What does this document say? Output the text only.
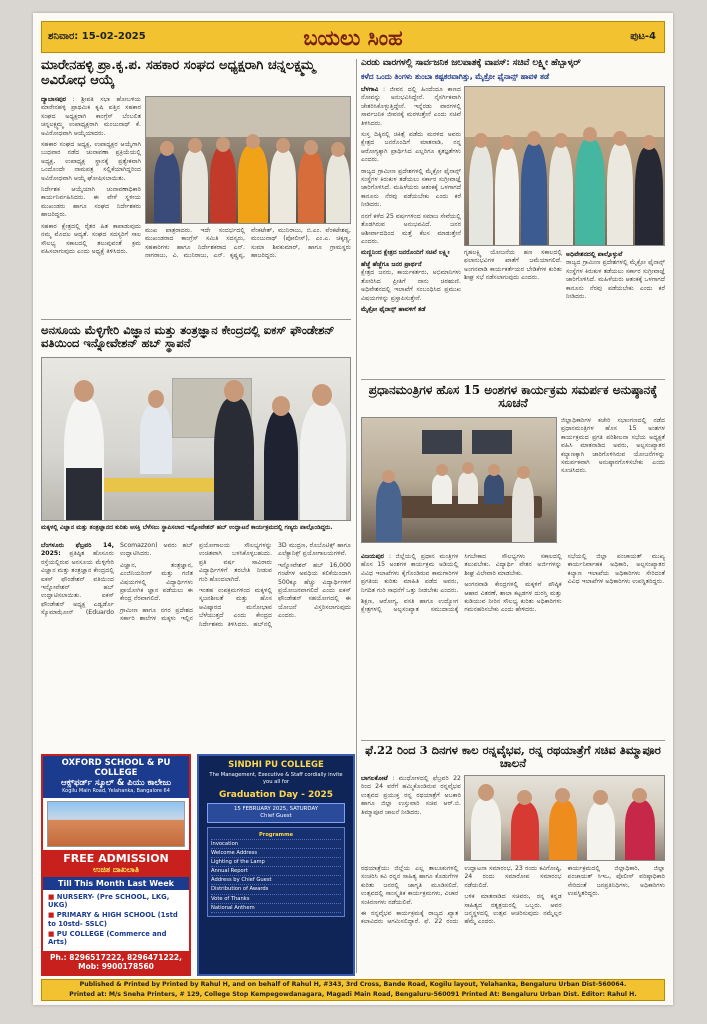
ಶನಿವಾರ: 15-02-2025	ಬಯಲು ಸಿಂಹ	ಪುಟ-4
ಮಾರೇನಹಳ್ಳಿ ಪ್ರಾ.ಕೃ.ಪ. ಸಹಕಾರ ಸಂಘದ ಅಧ್ಯಕ್ಷರಾಗಿ ಚನ್ನಲಕ್ಷ್ಮಮ್ಮ ಅವಿರೋಧ ಆಯ್ಕೆ

ದ್ಯಾಬಾಸಪುರ : ಶ್ರೀಪತಿ ಸಭಾ ಹೋಬಳಿಯ ಮಾರೇನಹಳ್ಳಿ ಪ್ರಾಥಮಿಕ ಕೃಷಿ ಪತ್ತಿನ ಸಹಕಾರ ಸಂಘದ ಅಧ್ಯಕ್ಷರಾಗಿ ಕಾಂಗ್ರೆಸ್ ಬೆಂಬಲಿತ ಚನ್ನಲಕ್ಷ್ಮಮ್ಮ ಉಪಾಧ್ಯಕ್ಷರಾಗಿ ಮಂಜುನಾಥ್ ಕೆ. ಅವಿರೋಧವಾಗಿ ಆಯ್ಕೆಯಾದರು.

ಸಹಕಾರ ಸಂಘದ ಅಧ್ಯಕ್ಷ, ಉಪಾಧ್ಯಕ್ಷರ ಆಯ್ಕೆಗಾಗಿ ಬುಧವಾರ ನಡೆದ ಚುನಾವಣಾ ಪ್ರಕ್ರಿಯೆಯಲ್ಲಿ ಅಧ್ಯಕ್ಷ, ಉಪಾಧ್ಯಕ್ಷ ಸ್ಥಾನಕ್ಕೆ ಪ್ರತ್ಯೇಕವಾಗಿ ಒಂದೊಂದೇ ನಾಮಪತ್ರ ಸಲ್ಲಿಕೆಯಾಗಿದ್ದರಿಂದ ಅವಿರೋಧವಾಗಿ ಆಯ್ಕೆ ಘೋಷಿಸಲಾಯಿತು.

ನಿರ್ದೇಶಕ ಆಯ್ಕೆಯಾಗಿ ಚುನಾವಣಾಧಿಕಾರಿ ಕಾರ್ಯನಿರ್ವಹಿಸಿದರು. ಈ ವೇಳೆ ಸ್ಥಳೀಯ ಮುಖಂಡರು ಹಾಗೂ ಸಂಘದ ನಿರ್ದೇಶಕರು ಹಾಜರಿದ್ದರು.

ಸಹಕಾರ ಕ್ಷೇತ್ರದಲ್ಲಿ ರೈತರ ಹಿತ ಕಾಪಾಡುವುದು ನಮ್ಮ ಮೊದಲ ಆದ್ಯತೆ. ಸಂಘದ ಸದಸ್ಯರಿಗೆ ಸಾಲ ಸೌಲಭ್ಯ ಸಕಾಲದಲ್ಲಿ ತಲುಪುವಂತೆ ಕ್ರಮ ವಹಿಸಲಾಗುವುದು ಎಂದು ಅಧ್ಯಕ್ಷೆ ತಿಳಿಸಿದರು.

ಮುಖ ಪಾತ್ರರಾದರು. ಇದೇ ಸಂದರ್ಭದಲ್ಲಿ ಮುಖಂಡರಾದ ಕಾಂಗ್ರೆಸ್ ಸಮಿತಿ ಸದಸ್ಯರು, ಸಹಕಾರಿಗಳು ಹಾಗೂ ನಿರ್ದೇಶಕರಾದ ಎನ್. ನಾಗರಾಜು, ವಿ. ಮುನಿರಾಜು, ಎನ್. ಕೃಷ್ಣಪ್ಪ, ವೆಂಕಟೇಶ್, ಮುನಿರಾಜು, ಬಿ.ಎಂ. ವೆಂಕಟೇಶಪ್ಪ, ಮಂಜುನಾಥ್ (ಪೋಲೀಸ್), ಎಂ.ಎ. ಚಿಕ್ಕಣ್ಣ, ಸುಮಾ ಶಿವಕುಮಾರ್, ಹಾಗೂ ಗ್ರಾಮಸ್ಥರು ಹಾಜರಿದ್ದರು.
ಅನಸೂಯ ಮೆಳ್ಳಿಗೇರಿ ವಿಜ್ಞಾನ ಮತ್ತು ತಂತ್ರಜ್ಞಾನ ಕೇಂದ್ರದಲ್ಲಿ ಐಕಸ್ ಫೌಂಡೇಶನ್ ವತಿಯಿಂದ ಇನ್ನೋವೇಶನ್ ಹಬ್ ಸ್ಥಾಪನೆ
ಮಕ್ಕಳಲ್ಲಿ ವಿಜ್ಞಾನ ಮತ್ತು ತಂತ್ರಜ್ಞಾನದ ಕುರಿತು ಆಸಕ್ತಿ ಬೆಳೆಸಲು ಸ್ಥಾಪಿಸಲಾದ ಇನ್ನೋವೇಶನ್ ಹಬ್ ಉದ್ಘಾಟನೆ ಕಾರ್ಯಕ್ರಮದಲ್ಲಿ ಗಣ್ಯರು ಪಾಲ್ಗೊಂಡಿದ್ದರು.

ಬೆಂಗಳೂರು ಫೆಬ್ರವರಿ 14, 2025: ಪ್ರತಿಷ್ಠಿತ ಹೊಸೂರು ರಸ್ತೆಯಲ್ಲಿರುವ ಅನಸೂಯ ಮೆಳ್ಳಿಗೇರಿ ವಿಜ್ಞಾನ ಮತ್ತು ತಂತ್ರಜ್ಞಾನ ಕೇಂದ್ರದಲ್ಲಿ ಐಕಸ್ ಫೌಂಡೇಶನ್ ವತಿಯಿಂದ ಇನ್ನೋವೇಶನ್ ಹಬ್ ಉದ್ಘಾಟಿಸಲಾಯಿತು. ಐಕಸ್ ಫೌಂಡೇಶನ್ ಅಧ್ಯಕ್ಷ ಎಡ್ವರ್ಡೊ ಸ್ಕೊಮಾಝೋನ್ (Eduardo Scomazzon) ಅವರು ಹಬ್‌ ಉದ್ಘಾಟಿಸಿದರು.

ವಿಜ್ಞಾನ, ತಂತ್ರಜ್ಞಾನ, ಎಂಜಿನಿಯರಿಂಗ್ ಮತ್ತು ಗಣಿತ ವಿಷಯಗಳಲ್ಲಿ ವಿದ್ಯಾರ್ಥಿಗಳು ಪ್ರಾಯೋಗಿಕ ಜ್ಞಾನ ಪಡೆಯಲು ಈ ಕೇಂದ್ರ ನೆರವಾಗಲಿದೆ.

ಗ್ರಾಮೀಣ ಹಾಗೂ ನಗರ ಪ್ರದೇಶದ ಸರ್ಕಾರಿ ಶಾಲೆಗಳ ಮಕ್ಕಳು ಇಲ್ಲಿನ ಪ್ರಯೋಗಾಲಯ ಸೌಲಭ್ಯಗಳನ್ನು ಉಚಿತವಾಗಿ ಬಳಸಿಕೊಳ್ಳಬಹುದು. ಪ್ರತಿ ವರ್ಷ ಸಾವಿರಾರು ವಿದ್ಯಾರ್ಥಿಗಳಿಗೆ ತರಬೇತಿ ನೀಡುವ ಗುರಿ ಹೊಂದಲಾಗಿದೆ.

ಇಂತಹ ಉಪಕ್ರಮಗಳಿಂದ ಮಕ್ಕಳಲ್ಲಿ ಸೃಜನಶೀಲತೆ ಮತ್ತು ಹೊಸ ಆವಿಷ್ಕಾರದ ಮನೋಭಾವ ಬೆಳೆಯುತ್ತದೆ ಎಂದು ಕೇಂದ್ರದ ನಿರ್ದೇಶಕರು ತಿಳಿಸಿದರು. ಹಬ್‌ನಲ್ಲಿ 3D ಮುದ್ರಣ, ರೊಬೊಟಿಕ್ಸ್ ಹಾಗೂ ಎಲೆಕ್ಟ್ರಾನಿಕ್ಸ್ ಪ್ರಯೋಗಾಲಯಗಳಿವೆ.

ಇನ್ನೋವೇಶನ್ ಹಬ್ 16,000 ಗಂಟೆಗಳ ಅವಧಿಯ ಕಲಿಕೆಯಿಂದಾಗಿ 500ಕ್ಕೂ ಹೆಚ್ಚು ವಿದ್ಯಾರ್ಥಿಗಳಿಗೆ ಪ್ರಯೋಜನವಾಗಲಿದೆ ಎಂದು ಐಕಸ್ ಫೌಂಡೇಶನ್ ಸಹಯೋಗದಲ್ಲಿ ಈ ಯೋಜನೆ ವಿಸ್ತರಿಸಲಾಗುವುದು ಎಂದರು.

OXFORD SCHOOL & PU COLLEGE
ಆಕ್ಸ್‌ಫರ್ಡ್ ಸ್ಕೂಲ್ & ಪಿಯು ಕಾಲೇಜು
Kogilu Main Road, Yelahanka, Bangalore 64
FREE ADMISSION
ಉಚಿತ ದಾಖಲಾತಿ
Till This Month Last Week
■ NURSERY- (Pre SCHOOL, LKG, UKG)
■ PRIMARY & HIGH SCHOOL (1std to 10std- SSLC)
■ PU COLLEGE (Commerce and Arts)
Ph.: 8296517222, 8296471222,
Mob: 9900178560
SINDHI PU COLLEGE
The Management, Executive & Staff cordially invite you all for
Graduation Day - 2025
15 FEBRUARY 2025, SATURDAY
Chief Guest
Programme
Invocation
Welcome Address
Lighting of the Lamp
Annual Report
Address by Chief Guest
Distribution of Awards
Vote of Thanks
National Anthem
ಎರಡು ವಾರಗಳಲ್ಲಿ ಸಾರ್ವಜನಿಕ ಜಲಪಾತಕ್ಕೆ ವಾಪಸ್: ಸಚಿವೆ ಲಕ್ಷ್ಮೀ ಹೆಬ್ಬಾಳ್ಕರ್
ಕಳೆದ ಒಂದು ತಿಂಗಳು ತುಂಬಾ ಕಷ್ಟಕರವಾಗಿತ್ತು, ಮೈಕ್ರೋ ಫೈನಾನ್ಸ್ ಹಾವಳಿ ತಡೆ

ಬೆಳಗಾವಿ : ಜೀವನ ದಲ್ಲಿ ಹಿಂದೆಂದೂ ಕಾಣದ ನೋವನ್ನು ಅನುಭವಿಸಿದ್ದೇನೆ. ನೈಸರ್ಗಿಕವಾಗಿ ಚೇತರಿಸಿಕೊಳ್ಳುತ್ತಿದ್ದೇನೆ. ಇನ್ನೆರಡು ವಾರಗಳಲ್ಲಿ ಸಾರ್ವಜನಿಕ ಜೀವನಕ್ಕೆ ಮರಳುತ್ತೇನೆ ಎಂದು ಸಚಿವೆ ತಿಳಿಸಿದರು.

ಸುಸ್ತ ದಿಕ್ಕಿನಲ್ಲಿ ಚಿಕಿತ್ಸೆ ಪಡೆದು ಮರಳಿದ ಅವರು ಕ್ಷೇತ್ರದ ಜನರೊಂದಿಗೆ ಮಾತನಾಡಿ, ನನ್ನ ಆರೋಗ್ಯಕ್ಕಾಗಿ ಪ್ರಾರ್ಥಿಸಿದ ಎಲ್ಲರಿಗೂ ಕೃತಜ್ಞತೆಗಳು ಎಂದರು.

ರಾಜ್ಯದ ಗ್ರಾಮೀಣ ಪ್ರದೇಶಗಳಲ್ಲಿ ಮೈಕ್ರೋ ಫೈನಾನ್ಸ್ ಸಂಸ್ಥೆಗಳ ಕಿರುಕುಳ ತಡೆಯಲು ಸರ್ಕಾರ ಸುಗ್ರೀವಾಜ್ಞೆ ಜಾರಿಗೊಳಿಸಿದೆ. ಮಹಿಳೆಯರು ಆತಂಕಕ್ಕೆ ಒಳಗಾಗದೆ ಕಾನೂನು ನೆರವು ಪಡೆಯಬೇಕು ಎಂದು ಕರೆ ನೀಡಿದರು.

ನನಗೆ ಕಳೆದ 25 ವರ್ಷಗಳಿಂದ ಸಮಾಜ ಸೇವೆಯಲ್ಲಿ ತೊಡಗಿರುವ ಅನುಭವವಿದೆ. ಜನರ ಆಶೀರ್ವಾದದಿಂದ ಮತ್ತೆ ಕೆಲಸ ಮಾಡುತ್ತೇನೆ ಎಂದರು.

ಮಣ್ಣಿನಿಂದ ಕ್ಷೇತ್ರದ ಜನರೊಂದಿಗೆ ಸಚಿವೆ ಲಕ್ಷ್ಮೀ
ಹೆಜ್ಜೆ ಹೆಜ್ಜೆಗೂ ಜನರ ಪ್ರಾರ್ಥನೆ

ಕ್ಷೇತ್ರದ ಜನರು, ಕಾರ್ಯಕರ್ತರು, ಅಭಿಮಾನಿಗಳು ತೋರಿಸಿದ ಪ್ರೀತಿಗೆ ನಾನು ಚಿರಋಣಿ. ಅಧಿವೇಶನದಲ್ಲಿ ಇಲಾಖೆಗೆ ಸಂಬಂಧಿಸಿದ ಪ್ರಮುಖ ವಿಷಯಗಳನ್ನು ಪ್ರಸ್ತಾಪಿಸುತ್ತೇನೆ.

ಮೈಕ್ರೋ ಫೈನಾನ್ಸ್ ಹಾವಳಿಗೆ ತಡೆ

ಗೃಹಲಕ್ಷ್ಮಿ ಯೋಜನೆಯ ಹಣ ಸಕಾಲದಲ್ಲಿ ಫಲಾನುಭವಿಗಳ ಖಾತೆಗೆ ಜಮೆಯಾಗಲಿದೆ. ಅಂಗನವಾಡಿ ಕಾರ್ಯಕರ್ತೆಯರ ಬೇಡಿಕೆಗಳ ಕುರಿತು ಶೀಘ್ರ ಸಭೆ ನಡೆಸಲಾಗುವುದು ಎಂದರು.

ಅಧಿವೇಶನದಲ್ಲಿ ಪಾಲ್ಗೊಳ್ಳುವೆ

ರಾಜ್ಯದ ಗ್ರಾಮೀಣ ಪ್ರದೇಶಗಳಲ್ಲಿ ಮೈಕ್ರೋ ಫೈನಾನ್ಸ್ ಸಂಸ್ಥೆಗಳ ಕಿರುಕುಳ ತಡೆಯಲು ಸರ್ಕಾರ ಸುಗ್ರೀವಾಜ್ಞೆ ಜಾರಿಗೊಳಿಸಿದೆ. ಮಹಿಳೆಯರು ಆತಂಕಕ್ಕೆ ಒಳಗಾಗದೆ ಕಾನೂನು ನೆರವು ಪಡೆಯಬೇಕು ಎಂದು ಕರೆ ನೀಡಿದರು.

ಪ್ರಧಾನಮಂತ್ರಿಗಳ ಹೊಸ 15 ಅಂಶಗಳ ಕಾರ್ಯಕ್ರಮ ಸಮರ್ಪಕ ಅನುಷ್ಠಾನಕ್ಕೆ ಸೂಚನೆ
ಜಿಲ್ಲಾಧಿಕಾರಿಗಳ ಕಚೇರಿ ಸಭಾಂಗಣದಲ್ಲಿ ನಡೆದ ಪ್ರಧಾನಮಂತ್ರಿಗಳ ಹೊಸ 15 ಅಂಶಗಳ ಕಾರ್ಯಕ್ರಮದ ಪ್ರಗತಿ ಪರಿಶೀಲನಾ ಸಭೆಯ ಅಧ್ಯಕ್ಷತೆ ವಹಿಸಿ ಮಾತನಾಡಿದ ಅವರು, ಅಲ್ಪಸಂಖ್ಯಾತರ ಕಲ್ಯಾಣಕ್ಕಾಗಿ ಜಾರಿಗೊಳಿಸಿರುವ ಯೋಜನೆಗಳನ್ನು ಸಮರ್ಪಕವಾಗಿ ಅನುಷ್ಠಾನಗೊಳಿಸಬೇಕು ಎಂದು ಸೂಚಿಸಿದರು.

ವಿಜಯಪುರ : ಜಿಲ್ಲೆಯಲ್ಲಿ ಪ್ರಧಾನ ಮಂತ್ರಿಗಳ ಹೊಸ 15 ಅಂಶಗಳ ಕಾರ್ಯಕ್ರಮ ಅಡಿಯಲ್ಲಿ ವಿವಿಧ ಇಲಾಖೆಗಳು ಕೈಗೊಂಡಿರುವ ಕಾಮಗಾರಿಗಳ ಪ್ರಗತಿಯ ಕುರಿತು ಮಾಹಿತಿ ಪಡೆದ ಅವರು, ನಿಗದಿತ ಗುರಿ ಸಾಧನೆಗೆ ಒತ್ತು ನೀಡಬೇಕು ಎಂದರು.

ಶಿಕ್ಷಣ, ಆರೋಗ್ಯ, ವಸತಿ ಹಾಗೂ ಉದ್ಯೋಗ ಕ್ಷೇತ್ರಗಳಲ್ಲಿ ಅಲ್ಪಸಂಖ್ಯಾತ ಸಮುದಾಯಕ್ಕೆ ಸಿಗಬೇಕಾದ ಸೌಲಭ್ಯಗಳು ಸಕಾಲದಲ್ಲಿ ತಲುಪಬೇಕು. ವಿದ್ಯಾರ್ಥಿ ವೇತನ ಅರ್ಜಿಗಳನ್ನು ಶೀಘ್ರ ವಿಲೇವಾರಿ ಮಾಡಬೇಕು.

ಅಂಗನವಾಡಿ ಕೇಂದ್ರಗಳಲ್ಲಿ ಮಕ್ಕಳಿಗೆ ಪೌಷ್ಠಿಕ ಆಹಾರ ವಿತರಣೆ, ಶಾಲಾ ಕಟ್ಟಡಗಳ ದುರಸ್ತಿ ಮತ್ತು ಕುಡಿಯುವ ನೀರಿನ ಸೌಲಭ್ಯ ಕುರಿತು ಅಧಿಕಾರಿಗಳು ಗಮನಹರಿಸಬೇಕು ಎಂದು ಹೇಳಿದರು.

ಸಭೆಯಲ್ಲಿ ಜಿಲ್ಲಾ ಪಂಚಾಯತ್ ಮುಖ್ಯ ಕಾರ್ಯನಿರ್ವಾಹಕ ಅಧಿಕಾರಿ, ಅಲ್ಪಸಂಖ್ಯಾತರ ಕಲ್ಯಾಣ ಇಲಾಖೆಯ ಅಧಿಕಾರಿಗಳು ಸೇರಿದಂತೆ ವಿವಿಧ ಇಲಾಖೆಗಳ ಅಧಿಕಾರಿಗಳು ಉಪಸ್ಥಿತರಿದ್ದರು.

ಫೆ.22 ರಿಂದ 3 ದಿನಗಳ ಕಾಲ ರನ್ನವೈಭವ, ರನ್ನ ರಥಯಾತ್ರೆಗೆ ಸಚಿವ ತಿಮ್ಮಾಪೂರ ಚಾಲನೆ

ಬಾಗಲಕೋಟೆ : ಮುಧೋಳದಲ್ಲಿ ಫೆಬ್ರವರಿ 22 ರಿಂದ 24 ವರೆಗೆ ಹಮ್ಮಿಕೊಂಡಿರುವ ರನ್ನವೈಭವ ಉತ್ಸವದ ಪ್ರಯುಕ್ತ ರನ್ನ ರಥಯಾತ್ರೆಗೆ ಅಬಕಾರಿ ಹಾಗೂ ಜಿಲ್ಲಾ ಉಸ್ತುವಾರಿ ಸಚಿವ ಆರ್.ಬಿ. ತಿಮ್ಮಾಪೂರ ಚಾಲನೆ ನೀಡಿದರು.

ರಥಯಾತ್ರೆಯು ಜಿಲ್ಲೆಯ ಎಲ್ಲ ತಾಲೂಕುಗಳಲ್ಲಿ ಸಂಚರಿಸಿ ಕವಿ ರನ್ನನ ಸಾಹಿತ್ಯ ಹಾಗೂ ಕೊಡುಗೆಗಳ ಕುರಿತು ಜನರಲ್ಲಿ ಜಾಗೃತಿ ಮೂಡಿಸಲಿದೆ. ಉತ್ಸವದಲ್ಲಿ ಸಾಂಸ್ಕೃತಿಕ ಕಾರ್ಯಕ್ರಮಗಳು, ವಿಚಾರ ಸಂಕಿರಣಗಳು ನಡೆಯಲಿವೆ.

ಈ ರನ್ನವೈಭವ ಕಾರ್ಯಕ್ರಮಕ್ಕೆ ರಾಜ್ಯದ ಖ್ಯಾತ ಕಲಾವಿದರು ಆಗಮಿಸಲಿದ್ದಾರೆ. ಫೆ. 22 ರಂದು ಉದ್ಘಾಟನಾ ಸಮಾರಂಭ, 23 ರಂದು ಕವಿಗೋಷ್ಠಿ, 24 ರಂದು ಸಮಾರೋಪ ಸಮಾರಂಭ ನಡೆಯಲಿದೆ.

ಬಳಿಕ ಮಾತನಾಡಿದ ಸಚಿವರು, ರನ್ನ ಕನ್ನಡ ಸಾಹಿತ್ಯದ ರತ್ನತ್ರಯರಲ್ಲಿ ಒಬ್ಬರು. ಅವರ ಜನ್ಮಸ್ಥಳದಲ್ಲಿ ಉತ್ಸವ ಆಚರಿಸುವುದು ನಮ್ಮೆಲ್ಲರ ಹೆಮ್ಮೆ ಎಂದರು.

ಕಾರ್ಯಕ್ರಮದಲ್ಲಿ ಜಿಲ್ಲಾಧಿಕಾರಿ, ಜಿಲ್ಲಾ ಪಂಚಾಯತ್ ಸಿಇಒ, ಪೊಲೀಸ್ ವರಿಷ್ಠಾಧಿಕಾರಿ ಸೇರಿದಂತೆ ಜನಪ್ರತಿನಿಧಿಗಳು, ಅಧಿಕಾರಿಗಳು ಉಪಸ್ಥಿತರಿದ್ದರು.

Published & Printed by Printed by Rahul H, and on behalf of Rahul H, #343, 3rd Cross, Bande Road, Kogilu layout, Yelahanka, Bengaluru Urban Dist-560064.
Printed at: M/s Sneha Printers, # 129, College Stop Kempegowdanagara, Magadi Main Road, Bengaluru-560091 Printed At: Bengaluru Urban Dist. Editor: Rahul H.
